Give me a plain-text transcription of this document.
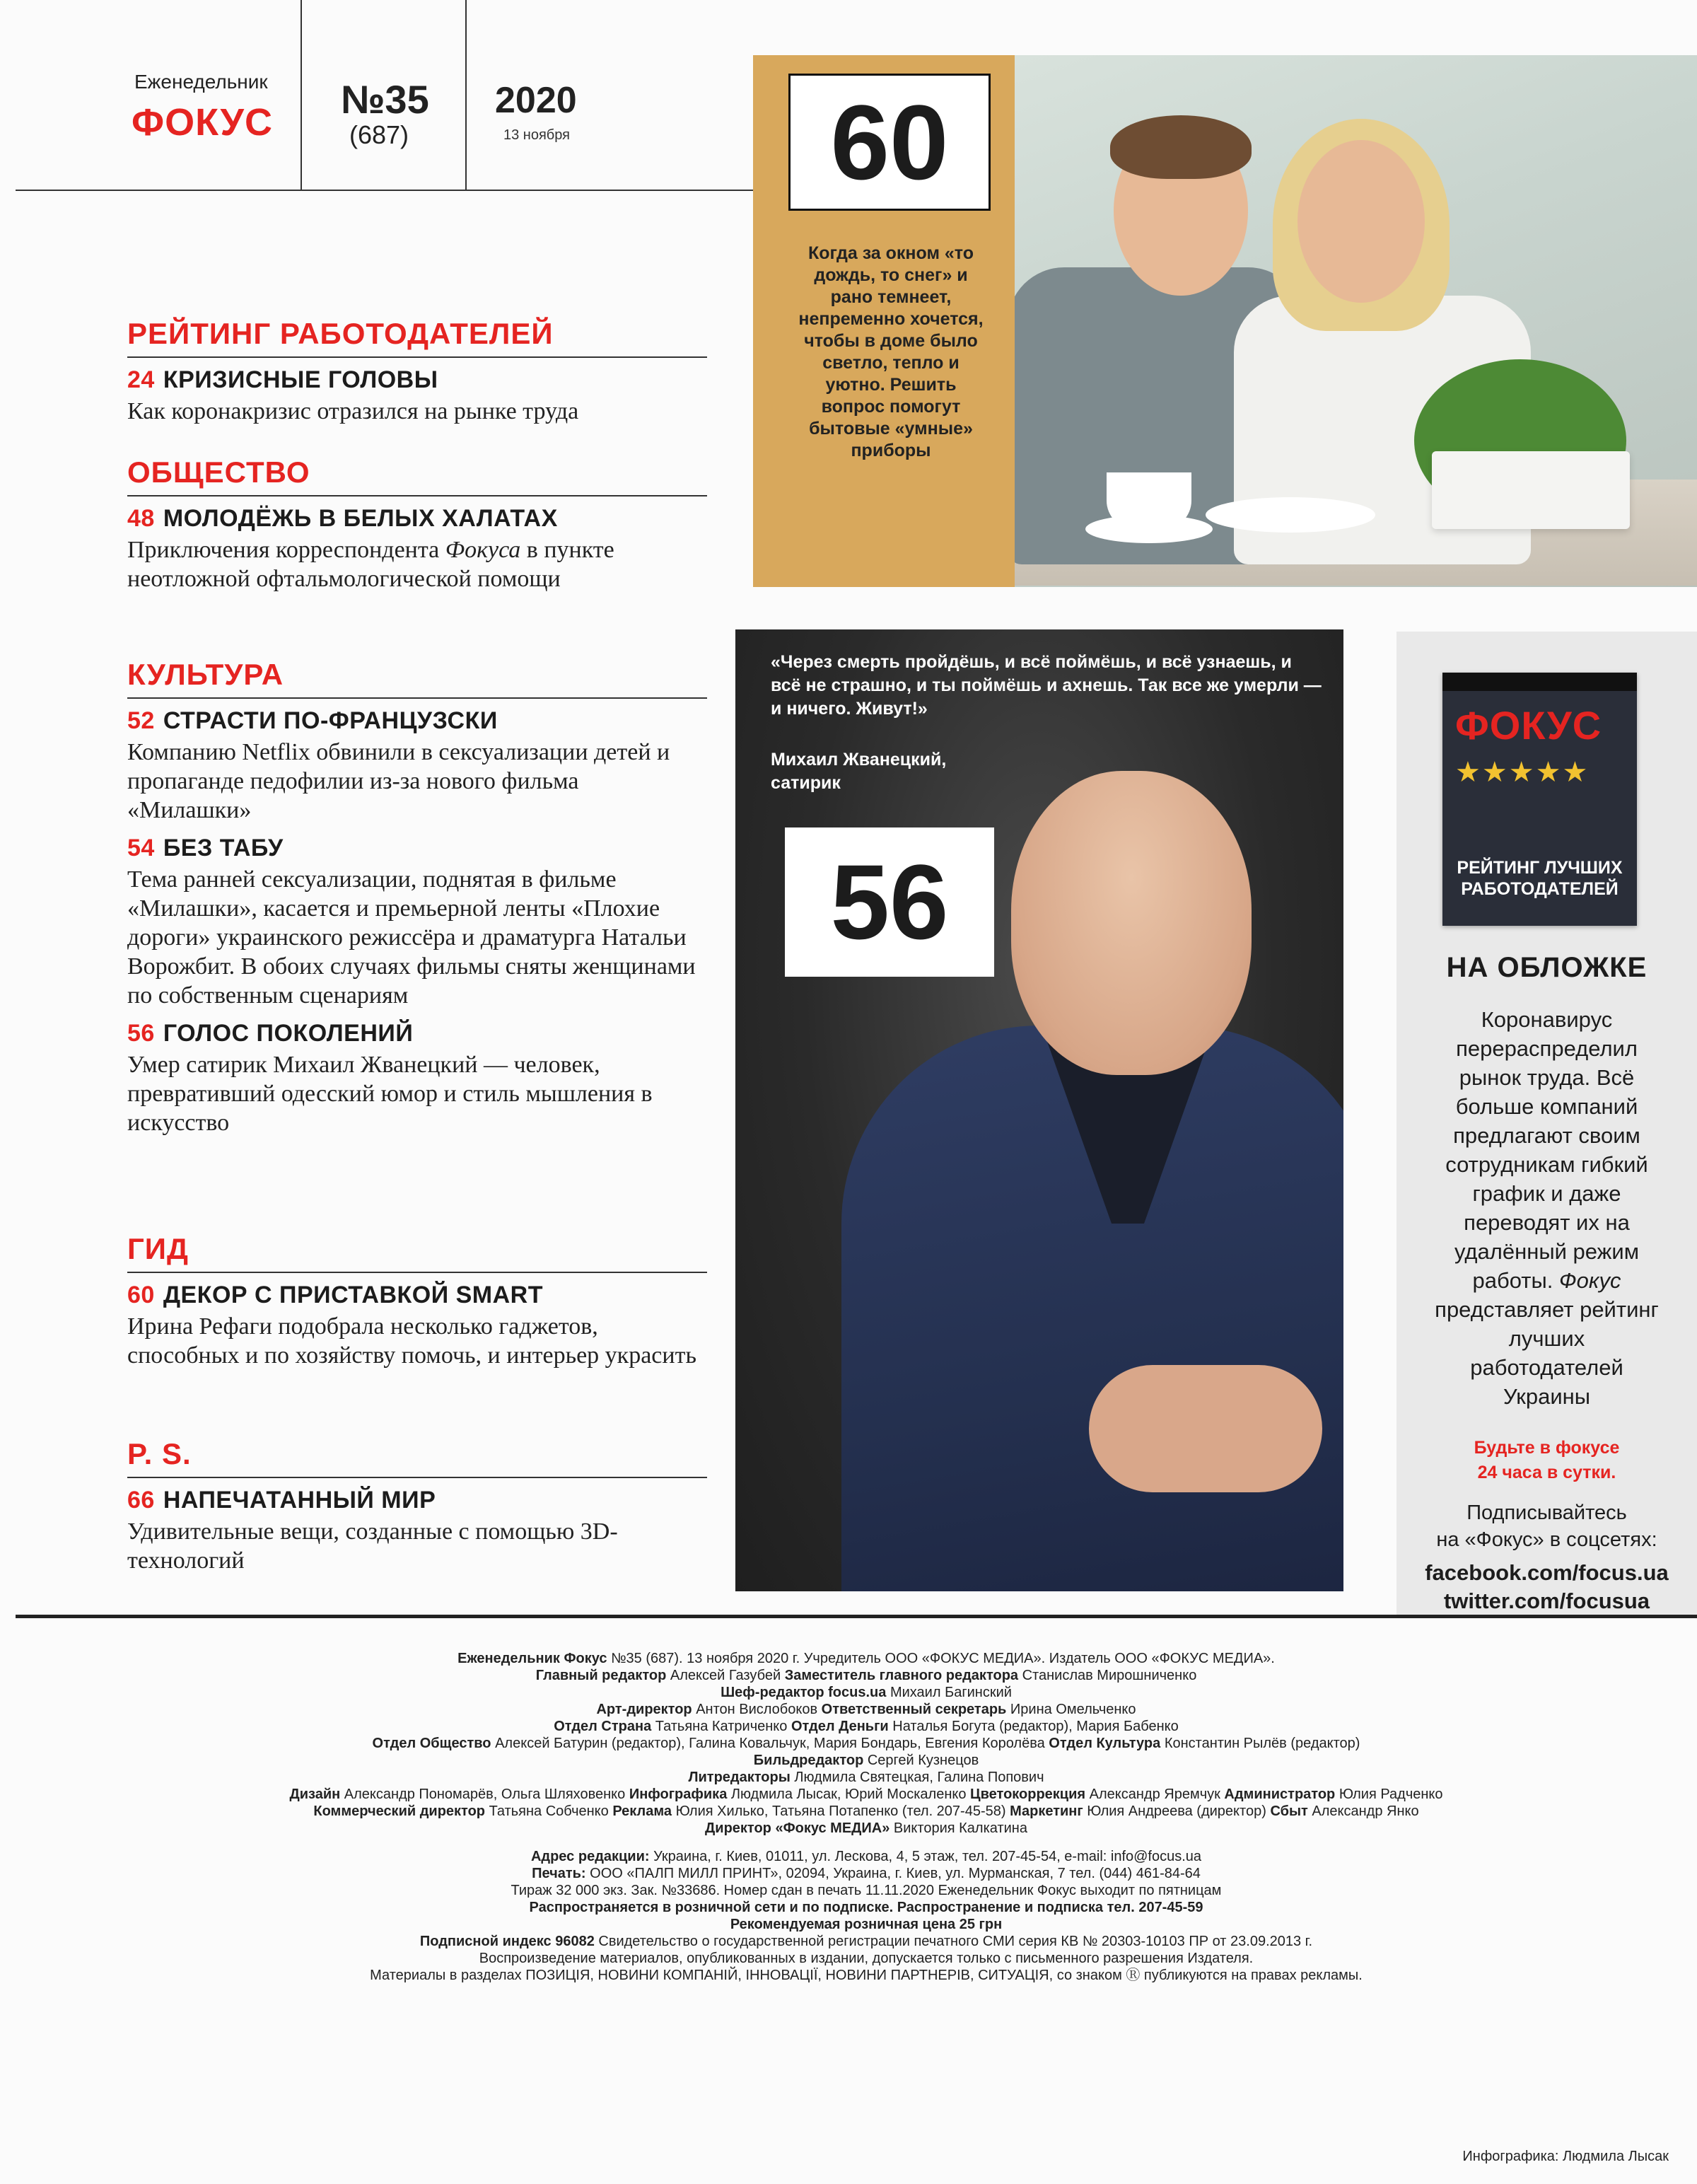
Еженедельник
ФОКУС
№35
(687)
2020
13 ноября
РЕЙТИНГ РАБОТОДАТЕЛЕЙ
24 КРИЗИСНЫЕ ГОЛОВЫ
Как коронакризис отразился на рынке труда
ОБЩЕСТВО
48 МОЛОДЁЖЬ В БЕЛЫХ ХАЛАТАХ
Приключения корреспондента Фокуса в пункте неотложной офтальмологической помощи
КУЛЬТУРА
52 СТРАСТИ ПО-ФРАНЦУЗСКИ
Компанию Netflix обвинили в сексуализации детей и пропаганде педофилии из-за нового фильма «Милашки»
54 БЕЗ ТАБУ
Тема ранней сексуализации, поднятая в фильме «Милашки», касается и премьерной ленты «Плохие дороги» украинского режиссёра и драматурга Натальи Ворожбит. В обоих случаях фильмы сняты женщинами по собственным сценариям
56 ГОЛОС ПОКОЛЕНИЙ
Умер сатирик Михаил Жванецкий — человек, превративший одесский юмор и стиль мышления в искусство
ГИД
60 ДЕКОР С ПРИСТАВКОЙ SMART
Ирина Рефаги подобрала несколько гаджетов, способных и по хозяйству помочь, и интерьер украсить
P. S.
66 НАПЕЧАТАННЫЙ МИР
Удивительные вещи, созданные с помощью 3D-технологий
60
Когда за окном «то дождь, то снег» и рано темнеет, непременно хочется, чтобы в доме было светло, тепло и уютно. Решить вопрос помогут бытовые «умные» приборы
«Через смерть пройдёшь, и всё поймёшь, и всё узнаешь, и всё не страшно, и ты поймёшь и ахнешь. Так все же умерли — и ничего. Живут!»
Михаил Жванецкий,
сатирик
56
ФОКУС
★★★★★
РЕЙТИНГ ЛУЧШИХ
РАБОТОДАТЕЛЕЙ
НА ОБЛОЖКЕ
Коронавирус перераспределил рынок труда. Всё больше компаний предлагают своим сотрудникам гибкий график и даже переводят их на удалённый режим работы. Фокус представляет рейтинг лучших работодателей Украины
Будьте в фокусе
24 часа в сутки.
Подписывайтесь
на «Фокус» в соцсетях:
facebook.com/focus.ua
twitter.com/focusua
Еженедельник Фокус №35 (687). 13 ноября 2020 г. Учредитель ООО «ФОКУС МЕДИА». Издатель ООО «ФОКУС МЕДИА».
Главный редактор Алексей Газубей Заместитель главного редактора Станислав Мирошниченко
Шеф-редактор focus.ua Михаил Багинский
Арт-директор Антон Вислобоков Ответственный секретарь Ирина Омельченко
Отдел Страна Татьяна Катриченко Отдел Деньги Наталья Богута (редактор), Мария Бабенко
Отдел Общество Алексей Батурин (редактор), Галина Ковальчук, Мария Бондарь, Евгения Королёва Отдел Культура Константин Рылёв (редактор)
Бильдредактор Сергей Кузнецов
Литредакторы Людмила Святецкая, Галина Попович
Дизайн Александр Пономарёв, Ольга Шляховенко Инфографика Людмила Лысак, Юрий Москаленко Цветокоррекция Александр Яремчук Администратор Юлия Радченко
Коммерческий директор Татьяна Собченко Реклама Юлия Хилько, Татьяна Потапенко (тел. 207-45-58) Маркетинг Юлия Андреева (директор) Сбыт Александр Янко
Директор «Фокус МЕДИА» Виктория Калкатина
Адрес редакции: Украина, г. Киев, 01011, ул. Лескова, 4, 5 этаж, тел. 207-45-54, e-mail: info@focus.ua
Печать: ООО «ПАЛП МИЛЛ ПРИНТ», 02094, Украина, г. Киев, ул. Мурманская, 7 тел. (044) 461-84-64
Тираж 32 000 экз. Зак. №33686. Номер сдан в печать 11.11.2020 Еженедельник Фокус выходит по пятницам
Распространяется в розничной сети и по подписке. Распространение и подписка тел. 207-45-59
Рекомендуемая розничная цена 25 грн
Подписной индекс 96082 Свидетельство о государственной регистрации печатного СМИ серия КВ № 20303-10103 ПР от 23.09.2013 г.
Воспроизведение материалов, опубликованных в издании, допускается только с письменного разрешения Издателя.
Материалы в разделах ПОЗИЦІЯ, НОВИНИ КОМПАНІЙ, ІННОВАЦІЇ, НОВИНИ ПАРТНЕРІВ, СИТУАЦІЯ, со знаком Ⓡ публикуются на правах рекламы.
Инфографика: Людмила Лысак
